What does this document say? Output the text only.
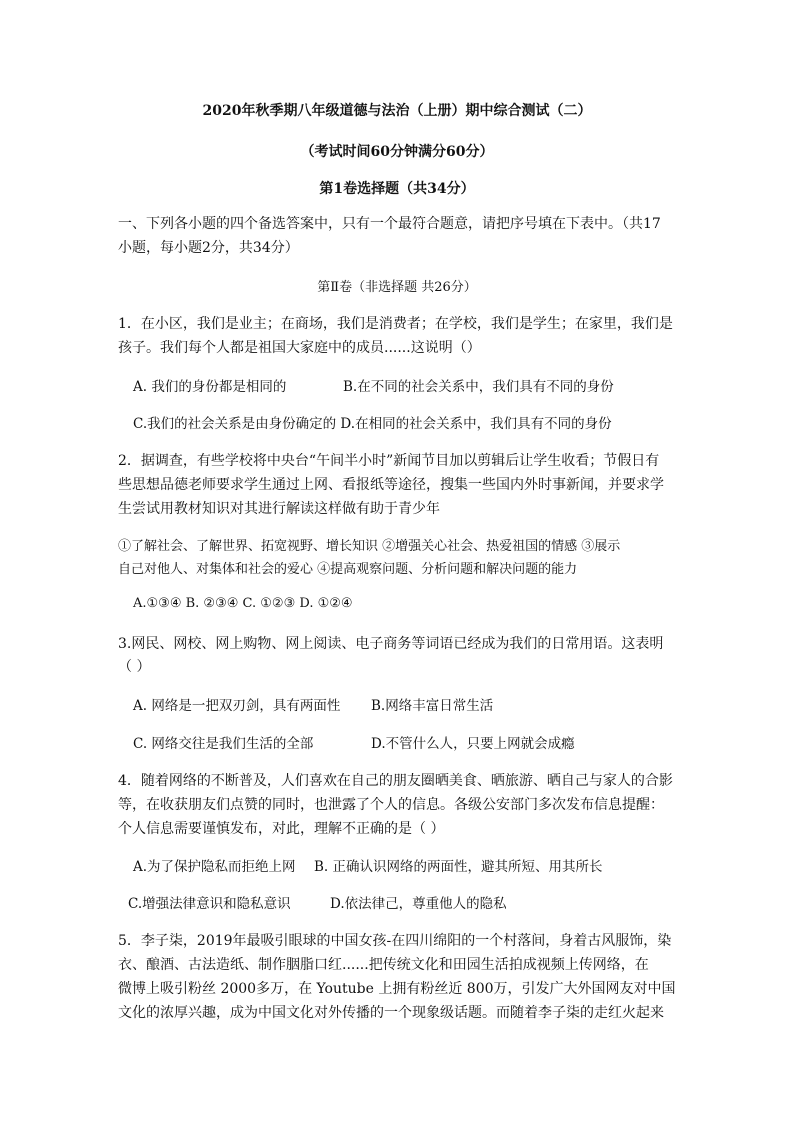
2020年秋季期八年级道德与法治（上册）期中综合测试（二）
（考试时间60分钟满分60分）
第1卷选择题（共34分）
一、下列各小题的四个备选答案中，只有一个最符合题意，请把序号填在下表中。（共17
小题，每小题2分，共34分）
第Ⅱ卷（非选择题 共26分）
1．在小区，我们是业主；在商场，我们是消费者；在学校，我们是学生；在家里，我们是
孩子。我们每个人都是祖国大家庭中的成员......这说明（）
A. 我们的身份都是相同的	B.在不同的社会关系中，我们具有不同的身份
C.我们的社会关系是由身份确定的 D.在相同的社会关系中，我们具有不同的身份
2．据调查，有些学校将中央台“午间半小时”新闻节目加以剪辑后让学生收看；节假日有
些思想品德老师要求学生通过上网、看报纸等途径，搜集一些国内外时事新闻，并要求学
生尝试用教材知识对其进行解读这样做有助于青少年
①了解社会、了解世界、拓宽视野、增长知识 ②增强关心社会、热爱祖国的情感 ③展示
自己对他人、对集体和社会的爱心 ④提高观察问题、分析问题和解决问题的能力
A.①③④ B. ②③④ C. ①②③ D. ①②④
3.网民、网校、网上购物、网上阅读、电子商务等词语已经成为我们的日常用语。这表明
（ ）
A. 网络是一把双刃剑，具有两面性 B.网络丰富日常生活
C. 网络交往是我们生活的全部	D.不管什么人，只要上网就会成瘾
4．随着网络的不断普及，人们喜欢在自己的朋友圈晒美食、晒旅游、晒自己与家人的合影
等，在收获朋友们点赞的同时，也泄露了个人的信息。各级公安部门多次发布信息提醒：
个人信息需要谨慎发布，对此，理解不正确的是（ ）
A.为了保护隐私而拒绝上网 B. 正确认识网络的两面性，避其所短、用其所长
C.增强法律意识和隐私意识	D.依法律己，尊重他人的隐私
5．李子柒，2019年最吸引眼球的中国女孩-在四川绵阳的一个村落间，身着古风服饰，染
衣、酿酒、古法造纸、制作胭脂口红......把传统文化和田园生活拍成视频上传网络，在
微博上吸引粉丝 2000多万，在 Youtube 上拥有粉丝近 800万，引发广大外国网友对中国
文化的浓厚兴趣，成为中国文化对外传播的一个现象级话题。而随着李子柒的走红火起来
